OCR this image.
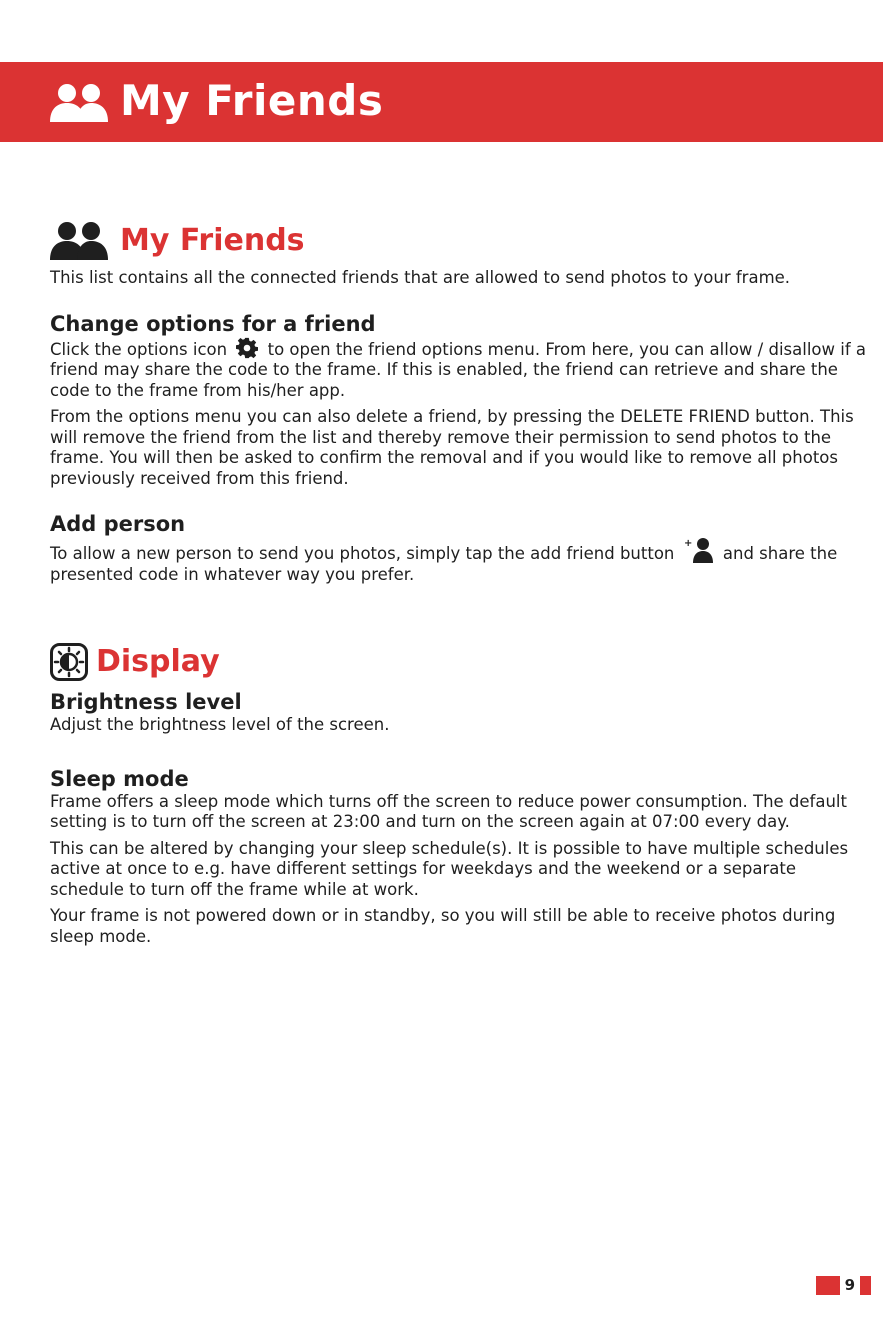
My Friends
My Friends

This list contains all the connected friends that are allowed to send photos to your frame.

Change options for a friend

Click the options icon to open the friend options menu. From here, you can allow / disallow if a friend may share the code to the frame. If this is enabled, the friend can retrieve and share the code to the frame from his/her app.

From the options menu you can also delete a friend, by pressing the DELETE FRIEND button. This will remove the friend from the list and thereby remove their permission to send photos to the frame. You will then be asked to confirm the removal and if you would like to remove all photos previously received from this friend.

Add person

To allow a new person to send you photos, simply tap the add friend button
+
and share the presented code in whatever way you prefer.

Display
Brightness level

Adjust the brightness level of the screen.

Sleep mode

Frame offers a sleep mode which turns off the screen to reduce power consumption. The default setting is to turn off the screen at 23:00 and turn on the screen again at 07:00 every day.

This can be altered by changing your sleep schedule(s). It is possible to have multiple schedules active at once to e.g. have different settings for weekdays and the weekend or a separate schedule to turn off the frame while at work.

Your frame is not powered down or in standby, so you will still be able to receive photos during sleep mode.

9
